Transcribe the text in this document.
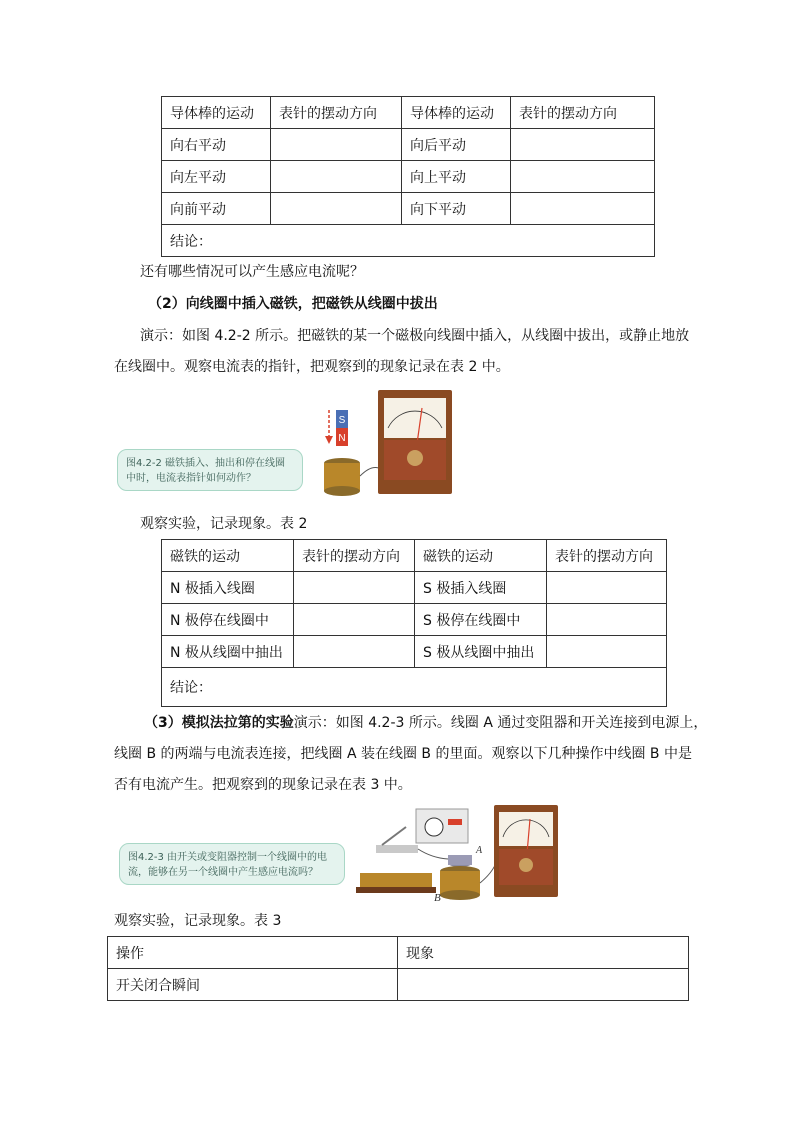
导体棒的运动	表针的摆动方向	导体棒的运动	表针的摆动方向
向右平动		向后平动	
向左平动		向上平动	
向前平动		向下平动	
结论：			
还有哪些情况可以产生感应电流呢？
（2）向线圈中插入磁铁，把磁铁从线圈中拔出
演示：如图 4.2-2 所示。把磁铁的某一个磁极向线圈中插入，从线圈中拔出，或静止地放
在线圈中。观察电流表的指针，把观察到的现象记录在表 2 中。
图4.2-2 磁铁插入、抽出和停在线圈
中时，电流表指针如何动作？
S
N
观察实验，记录现象。表 2
磁铁的运动	表针的摆动方向	磁铁的运动	表针的摆动方向
N 极插入线圈		S 极插入线圈	
N 极停在线圈中		S 极停在线圈中	
N 极从线圈中抽出		S 极从线圈中抽出	
结论：			
（3）模拟法拉第的实验演示：如图 4.2-3 所示。线圈 A 通过变阻器和开关连接到电源上，
线圈 B 的两端与电流表连接，把线圈 A 装在线圈 B 的里面。观察以下几种操作中线圈 B 中是
否有电流产生。把观察到的现象记录在表 3 中。
图4.2-3 由开关或变阻器控制一个线圈中的电
流，能够在另一个线圈中产生感应电流吗？
A
B
观察实验，记录现象。表 3
操作	现象
开关闭合瞬间	
